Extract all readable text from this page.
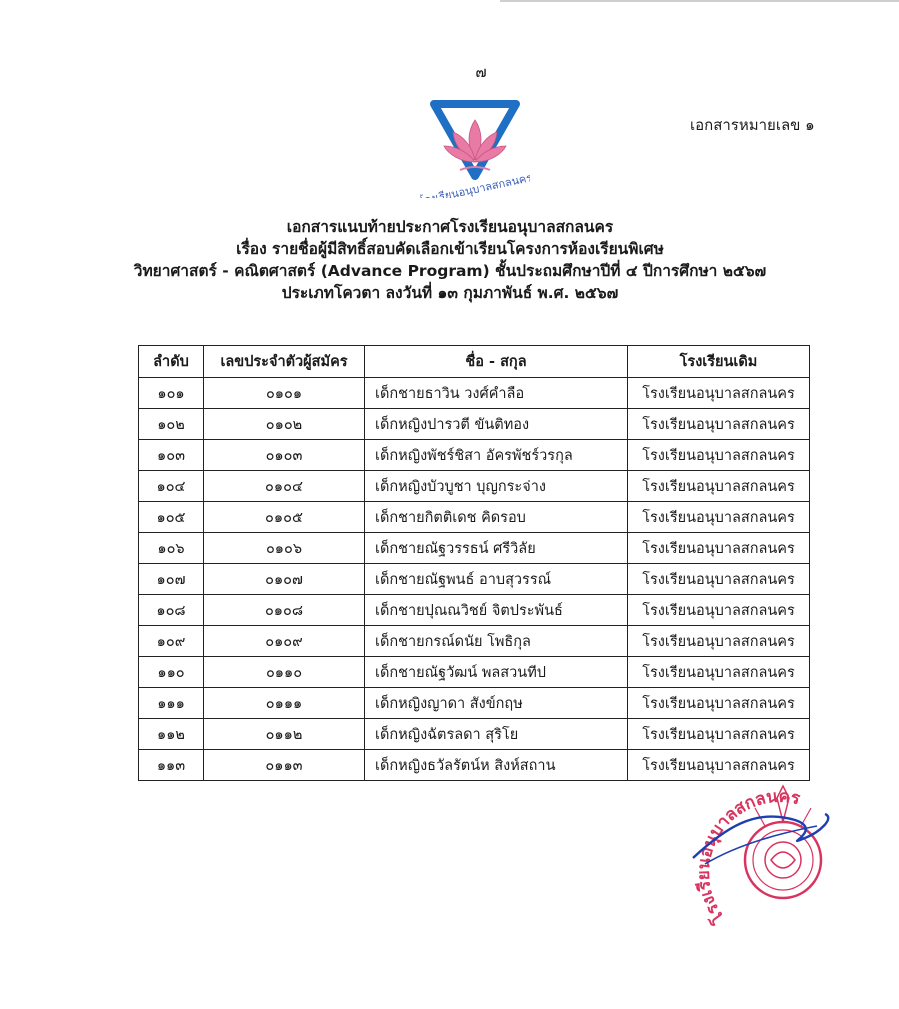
๗
โรงเรียนอนุบาลสกลนคร
เอกสารหมายเลข ๑
เอกสารแนบท้ายประกาศโรงเรียนอนุบาลสกลนคร
เรื่อง รายชื่อผู้มีสิทธิ์สอบคัดเลือกเข้าเรียนโครงการห้องเรียนพิเศษ
วิทยาศาสตร์ - คณิตศาสตร์ (Advance Program) ชั้นประถมศึกษาปีที่ ๔ ปีการศึกษา ๒๕๖๗
ประเภทโควตา ลงวันที่ ๑๓ กุมภาพันธ์ พ.ศ. ๒๕๖๗
ลำดับ	เลขประจำตัวผู้สมัคร	ชื่อ - สกุล	โรงเรียนเดิม
๑๐๑	๐๑๐๑	เด็กชายธาวิน วงศ์คำลือ	โรงเรียนอนุบาลสกลนคร
๑๐๒	๐๑๐๒	เด็กหญิงปารวตี ขันติทอง	โรงเรียนอนุบาลสกลนคร
๑๐๓	๐๑๐๓	เด็กหญิงพัชร์ชิสา อัครพัชร์วรกุล	โรงเรียนอนุบาลสกลนคร
๑๐๔	๐๑๐๔	เด็กหญิงบัวบูชา บุญกระจ่าง	โรงเรียนอนุบาลสกลนคร
๑๐๕	๐๑๐๕	เด็กชายกิตติเดช คิดรอบ	โรงเรียนอนุบาลสกลนคร
๑๐๖	๐๑๐๖	เด็กชายณัฐวรรธน์ ศรีวิลัย	โรงเรียนอนุบาลสกลนคร
๑๐๗	๐๑๐๗	เด็กชายณัฐพนธ์ อาบสุวรรณ์	โรงเรียนอนุบาลสกลนคร
๑๐๘	๐๑๐๘	เด็กชายปุณณวิชย์ จิตประพันธ์	โรงเรียนอนุบาลสกลนคร
๑๐๙	๐๑๐๙	เด็กชายกรณ์ดนัย โพธิกุล	โรงเรียนอนุบาลสกลนคร
๑๑๐	๐๑๑๐	เด็กชายณัฐวัฒน์ พลสวนทีป	โรงเรียนอนุบาลสกลนคร
๑๑๑	๐๑๑๑	เด็กหญิงญาดา สังข์กฤษ	โรงเรียนอนุบาลสกลนคร
๑๑๒	๐๑๑๒	เด็กหญิงฉัตรลดา สุริโย	โรงเรียนอนุบาลสกลนคร
๑๑๓	๐๑๑๓	เด็กหญิงธวัลรัตน์ห สิงห์สถาน	โรงเรียนอนุบาลสกลนคร
โรงเรียนอนุบาลสกลนคร
